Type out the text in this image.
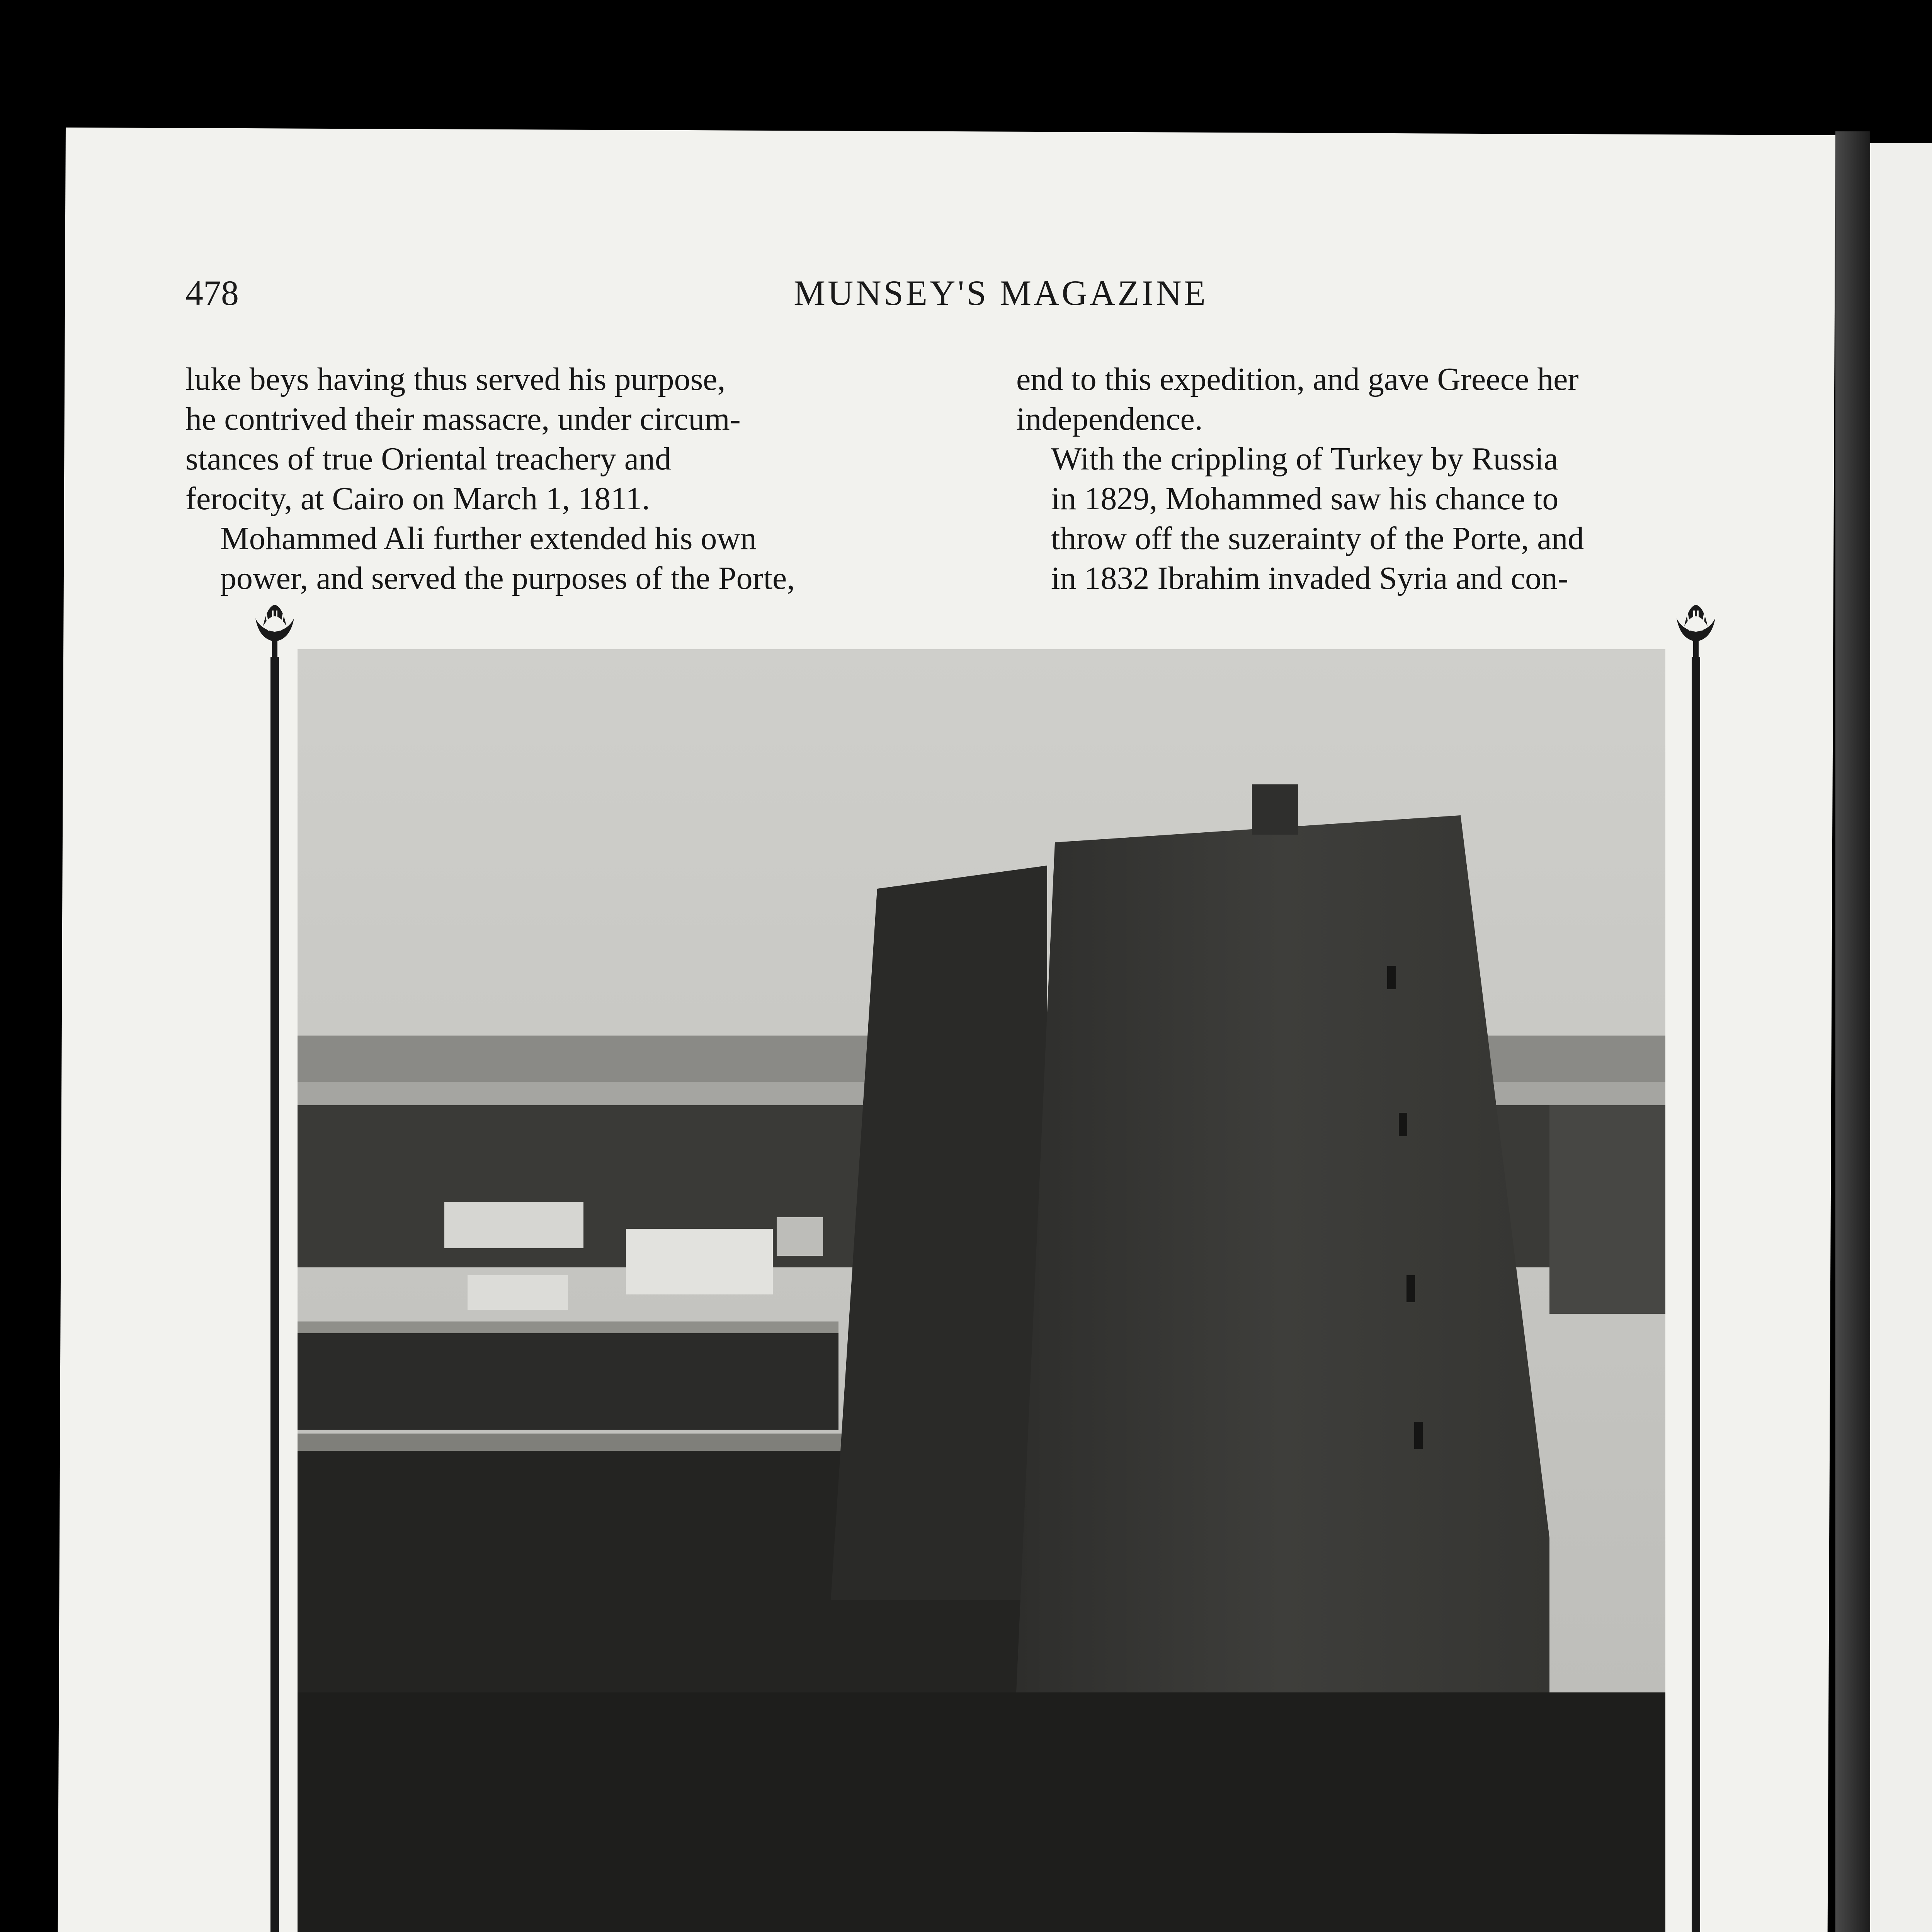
478	MUNSEY'S MAGAZINE

luke beys having thus served his purpose,
he contrived their massacre, under circum-
stances of true Oriental treachery and
ferocity, at Cairo on March 1, 1811.

Mohammed Ali further extended his own
power, and served the purposes of the Porte,

end to this expedition, and gave Greece her
independence.

With the crippling of Turkey by Russia
in 1829, Mohammed saw his chance to
throw off the suzerainty of the Porte, and
in 1832 Ibrahim invaded Syria and con-
